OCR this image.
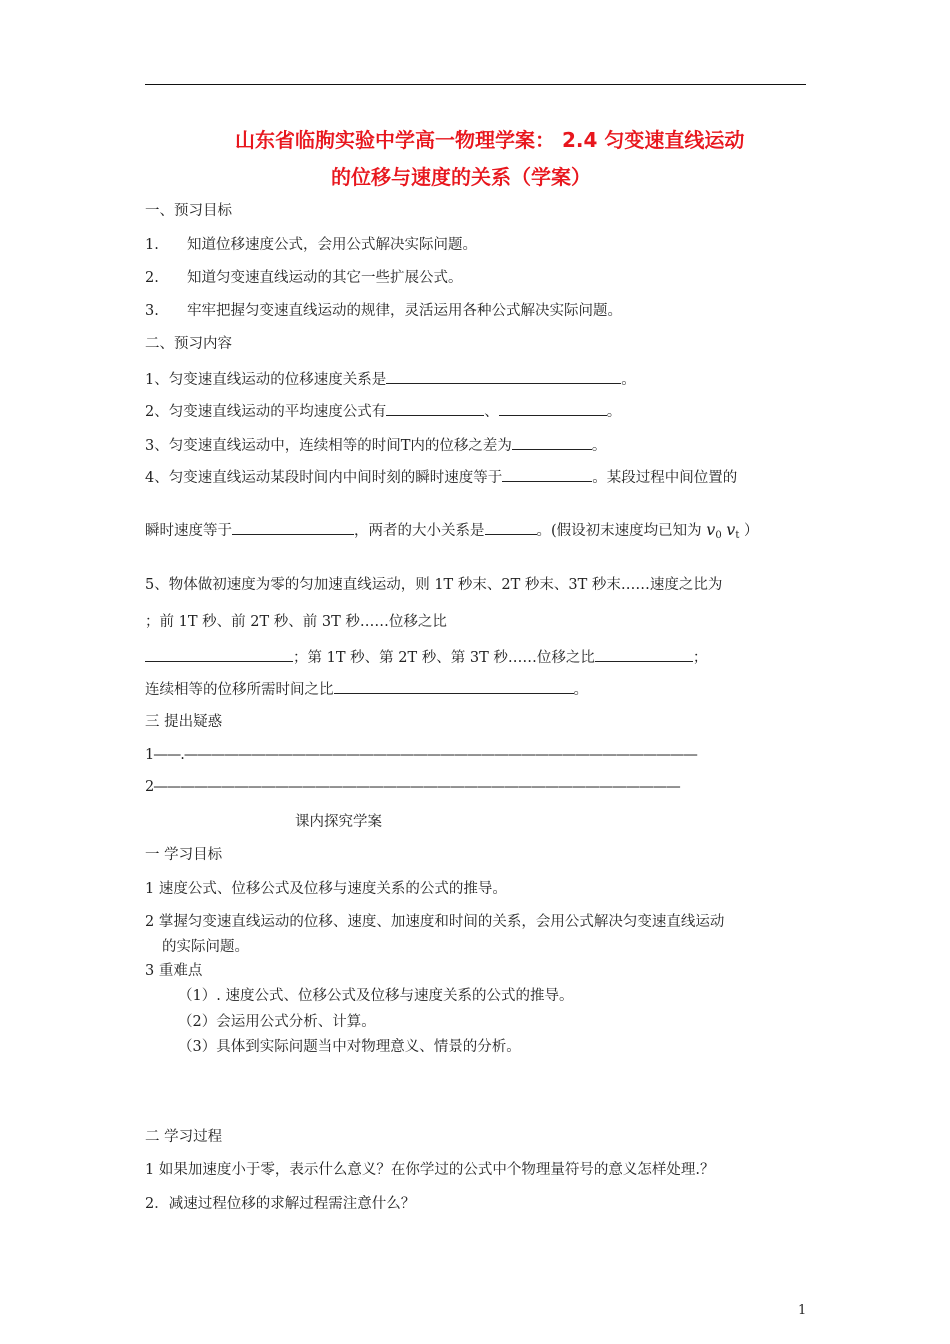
山东省临朐实验中学高一物理学案： 2.4 匀变速直线运动
的位移与速度的关系（学案）
一、预习目标
1. 知道位移速度公式，会用公式解决实际问题。
2. 知道匀变速直线运动的其它一些扩展公式。
3. 牢牢把握匀变速直线运动的规律，灵活运用各种公式解决实际问题。
二、预习内容
1、匀变速直线运动的位移速度关系是	。
2、匀变速直线运动的平均速度公式有	、	。
3、匀变速直线运动中，连续相等的时间T内的位移之差为	。
4、匀变速直线运动某段时间内中间时刻的瞬时速度等于	。某段过程中间位置的
瞬时速度等于	，两者的大小关系是	。(假设初末速度均已知为 $v_0$ $v_t$ ）
5、物体做初速度为零的匀加速直线运动，则 1T 秒末、2T 秒末、3T 秒末……速度之比为
；前 1T 秒、前 2T 秒、前 3T 秒……位移之比
；第 1T 秒、第 2T 秒、第 3T 秒……位移之比	；
连续相等的位移所需时间之比	。
三 提出疑惑
1——.——————————————————————————————————————
2———————————————————————————————————————
课内探究学案
一 学习目标
1 速度公式、位移公式及位移与速度关系的公式的推导。
2 掌握匀变速直线运动的位移、速度、加速度和时间的关系，会用公式解决匀变速直线运动
的实际问题。
3 重难点
（1）. 速度公式、位移公式及位移与速度关系的公式的推导。
（2）会运用公式分析、计算。
（3）具体到实际问题当中对物理意义、情景的分析。
二 学习过程
1 如果加速度小于零，表示什么意义？在你学过的公式中个物理量符号的意义怎样处理.？
2．减速过程位移的求解过程需注意什么？
1
